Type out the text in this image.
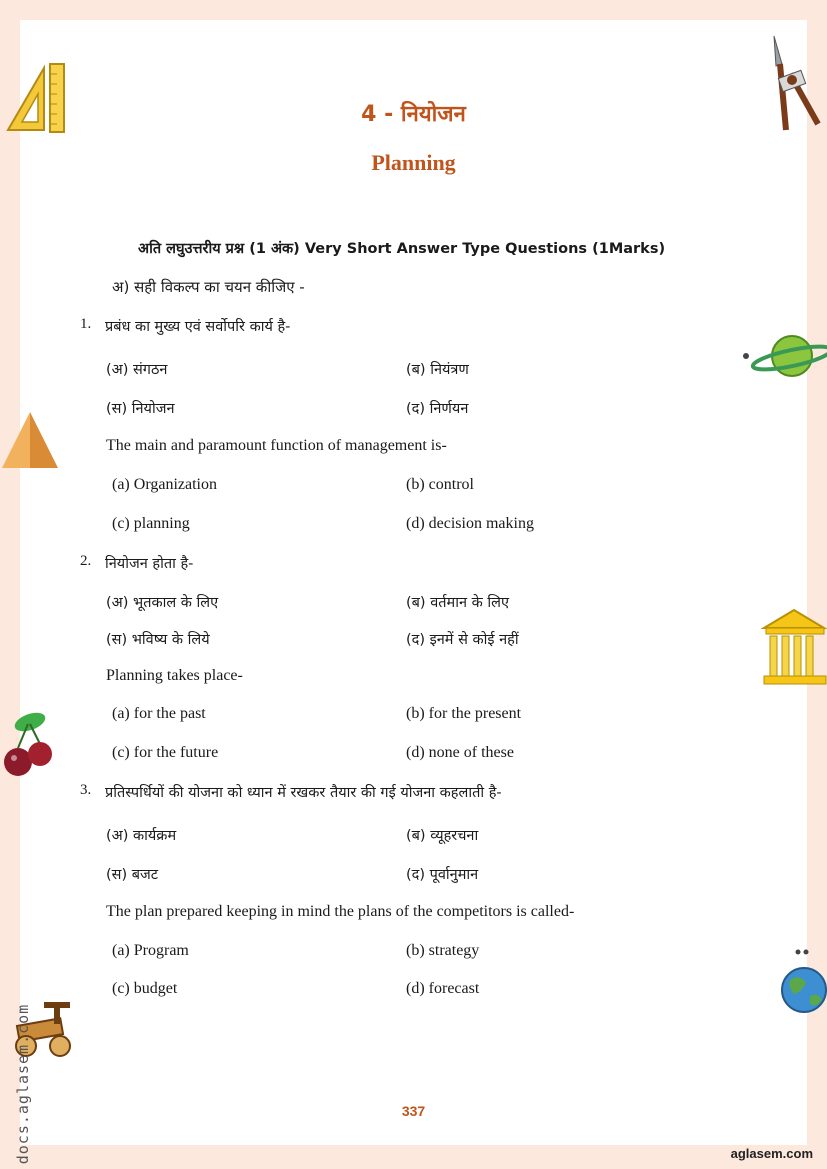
docs.aglasem.com
4 - नियोजन
Planning
अति लघुउत्तरीय प्रश्न (1 अंक) Very Short Answer Type Questions (1Marks)
अ) सही विकल्प का चयन कीजिए -
1. प्रबंध का मुख्य एवं सर्वोपरि कार्य है-
(अ) संगठन	(ब) नियंत्रण
(स) नियोजन	(द) निर्णयन
The main and paramount function of management is-
(a) Organization	(b) control
(c) planning	(d) decision making
2. नियोजन होता है-
(अ) भूतकाल के लिए	(ब) वर्तमान के लिए
(स) भविष्य के लिये	(द) इनमें से कोई नहीं
Planning takes place-
(a) for the past	(b) for the present
(c) for the future	(d) none of these
3. प्रतिस्पर्धियों की योजना को ध्यान में रखकर तैयार की गई योजना कहलाती है-
(अ) कार्यक्रम	(ब) व्यूहरचना
(स) बजट	(द) पूर्वानुमान
The plan prepared keeping in mind the plans of the competitors is called-
(a) Program	(b) strategy
(c) budget	(d) forecast
337
aglasem.com
